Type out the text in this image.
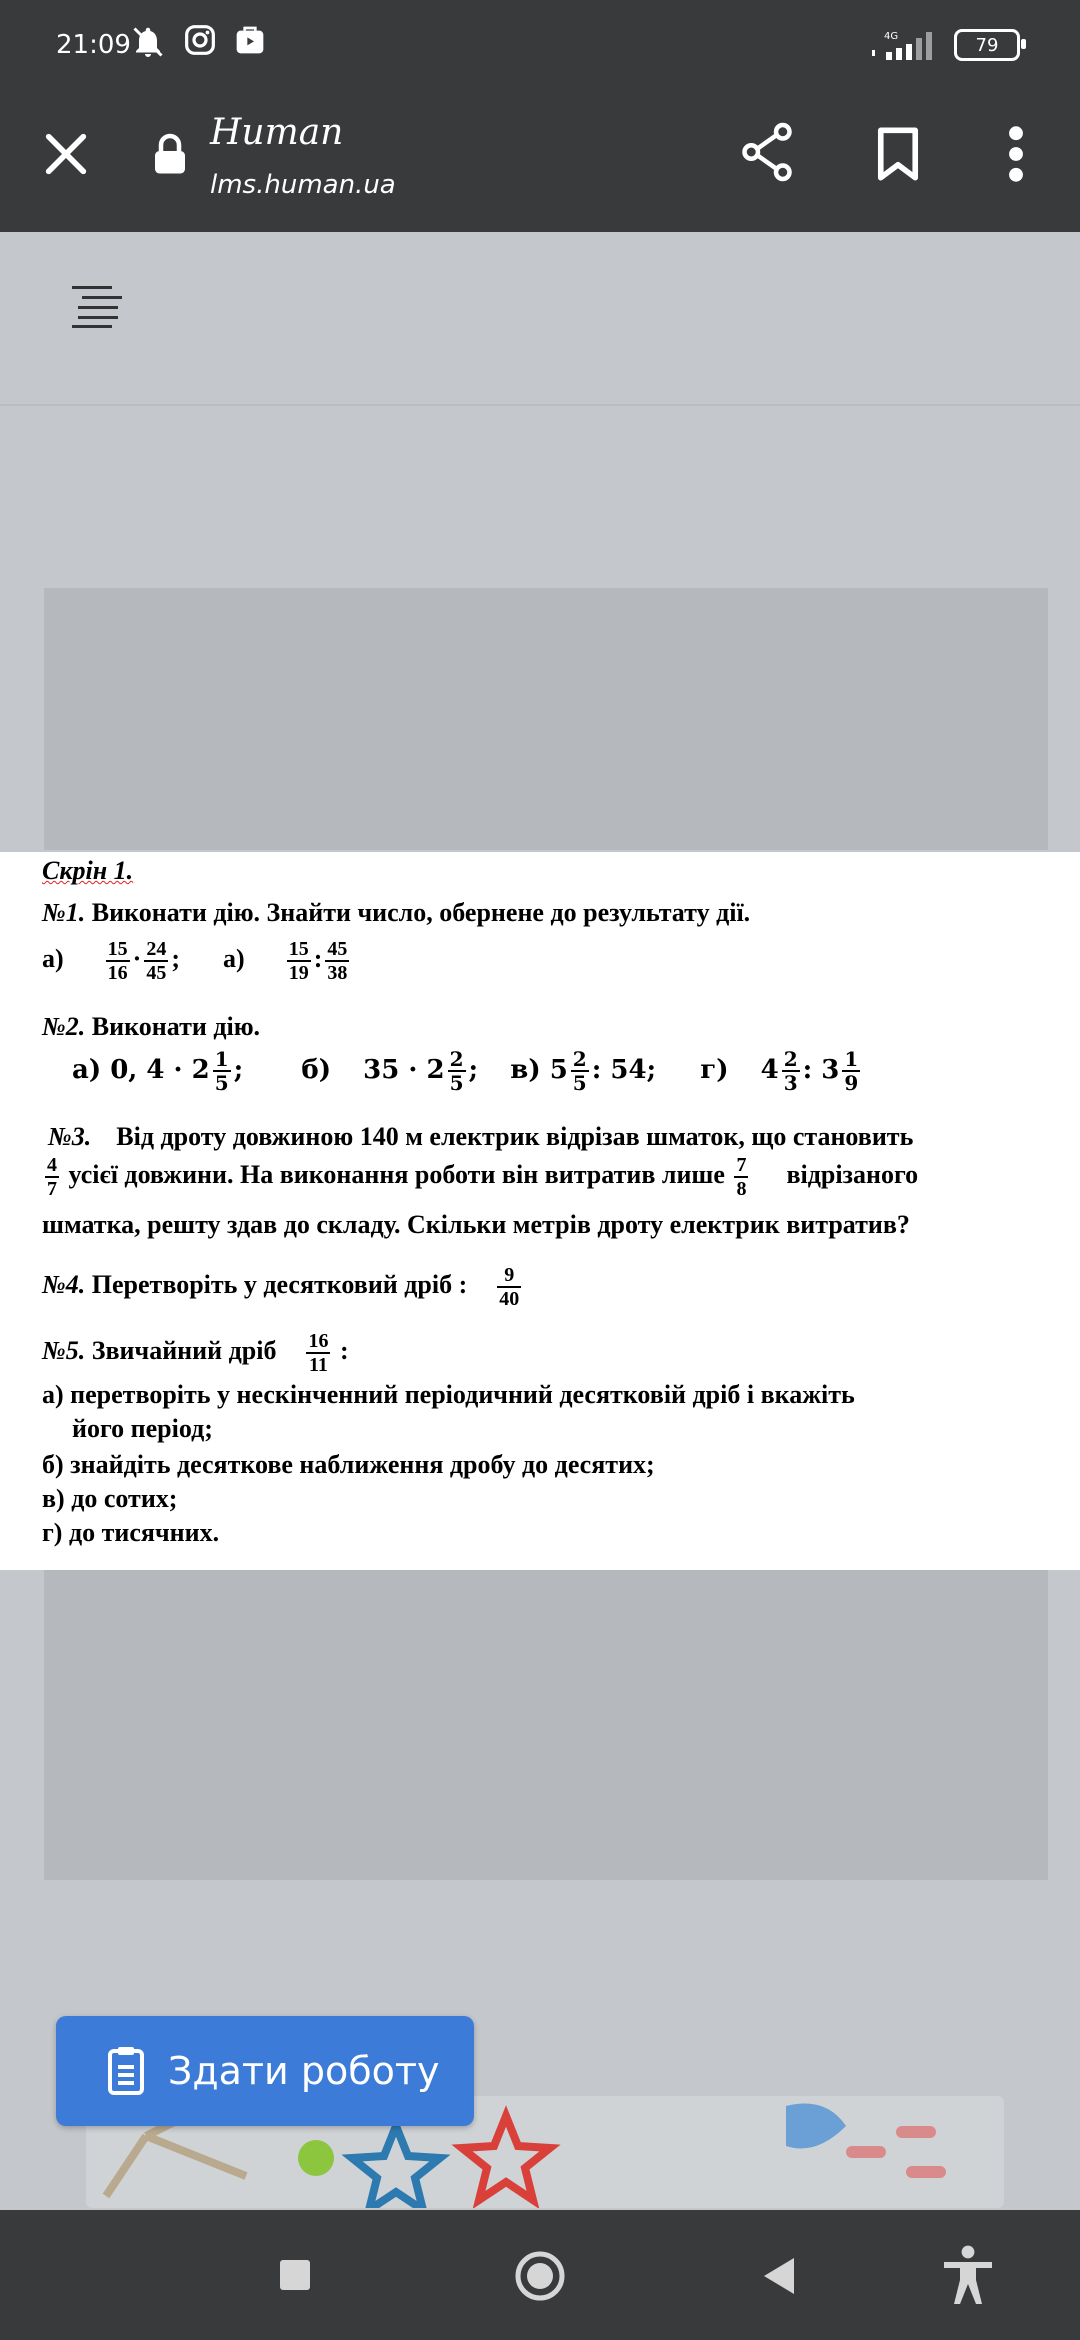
21:09	4G	79
Human
lms.human.ua
Скрін 1.
№1. Виконати дію. Знайти число, обернене до результату дії.
$а) \frac{15}{16} \cdot \frac{24}{45}$ ; $а) \frac{15}{19}$ : $\frac{45}{38}$
№2. Виконати дію.
а) 0, $4 \cdot 2 \frac{1}{5}$ ;  б) $35 \cdot 2 \frac{2}{5}$ ;  в) $5 \frac{2}{5}$ : 54; г) $4 \frac{2}{3}$ : $3 \frac{1}{9}$
№3. Від дроту довжиною 140 м електрик відрізав шматок, що становить
$\frac{4}{7}$ усієї довжини. На виконання роботи він витратив лише $\frac{7}{8}$ відрізаного
шматка, решту здав до складу. Скільки метрів дроту електрик витратив?
№4. Перетворіть у десятковий дріб : $\frac{9}{40}$
№5. Звичайний дріб $\frac{16}{11}$ :
а) перетворіть у нескінченний періодичний десятковій дріб і вкажіть
його період;
б) знайдіть десяткове наближення дробу до десятих;
в) до сотих;
г) до тисячних.
Здати роботу
